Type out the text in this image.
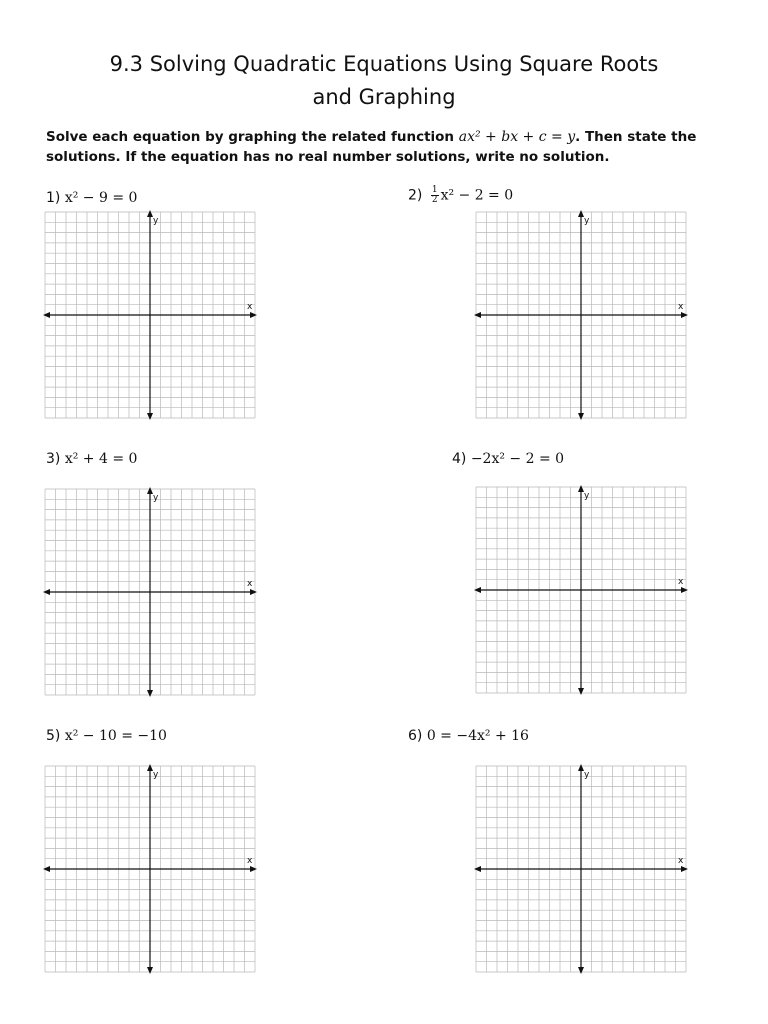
9.3 Solving Quadratic Equations Using Square Roots
and Graphing
Solve each equation by graphing the related function ax² + bx + c = y. Then state the solutions. If the equation has no real number solutions, write no solution.
1) x² − 9 = 0
x
y
$2) \frac{1}{2} x^2 - 2 = 0$
x
y
3) x² + 4 = 0
x
y
4) −2x² − 2 = 0
x
y
5) x² − 10 = −10
x
y
6) 0 = −4x² + 16
x
y
